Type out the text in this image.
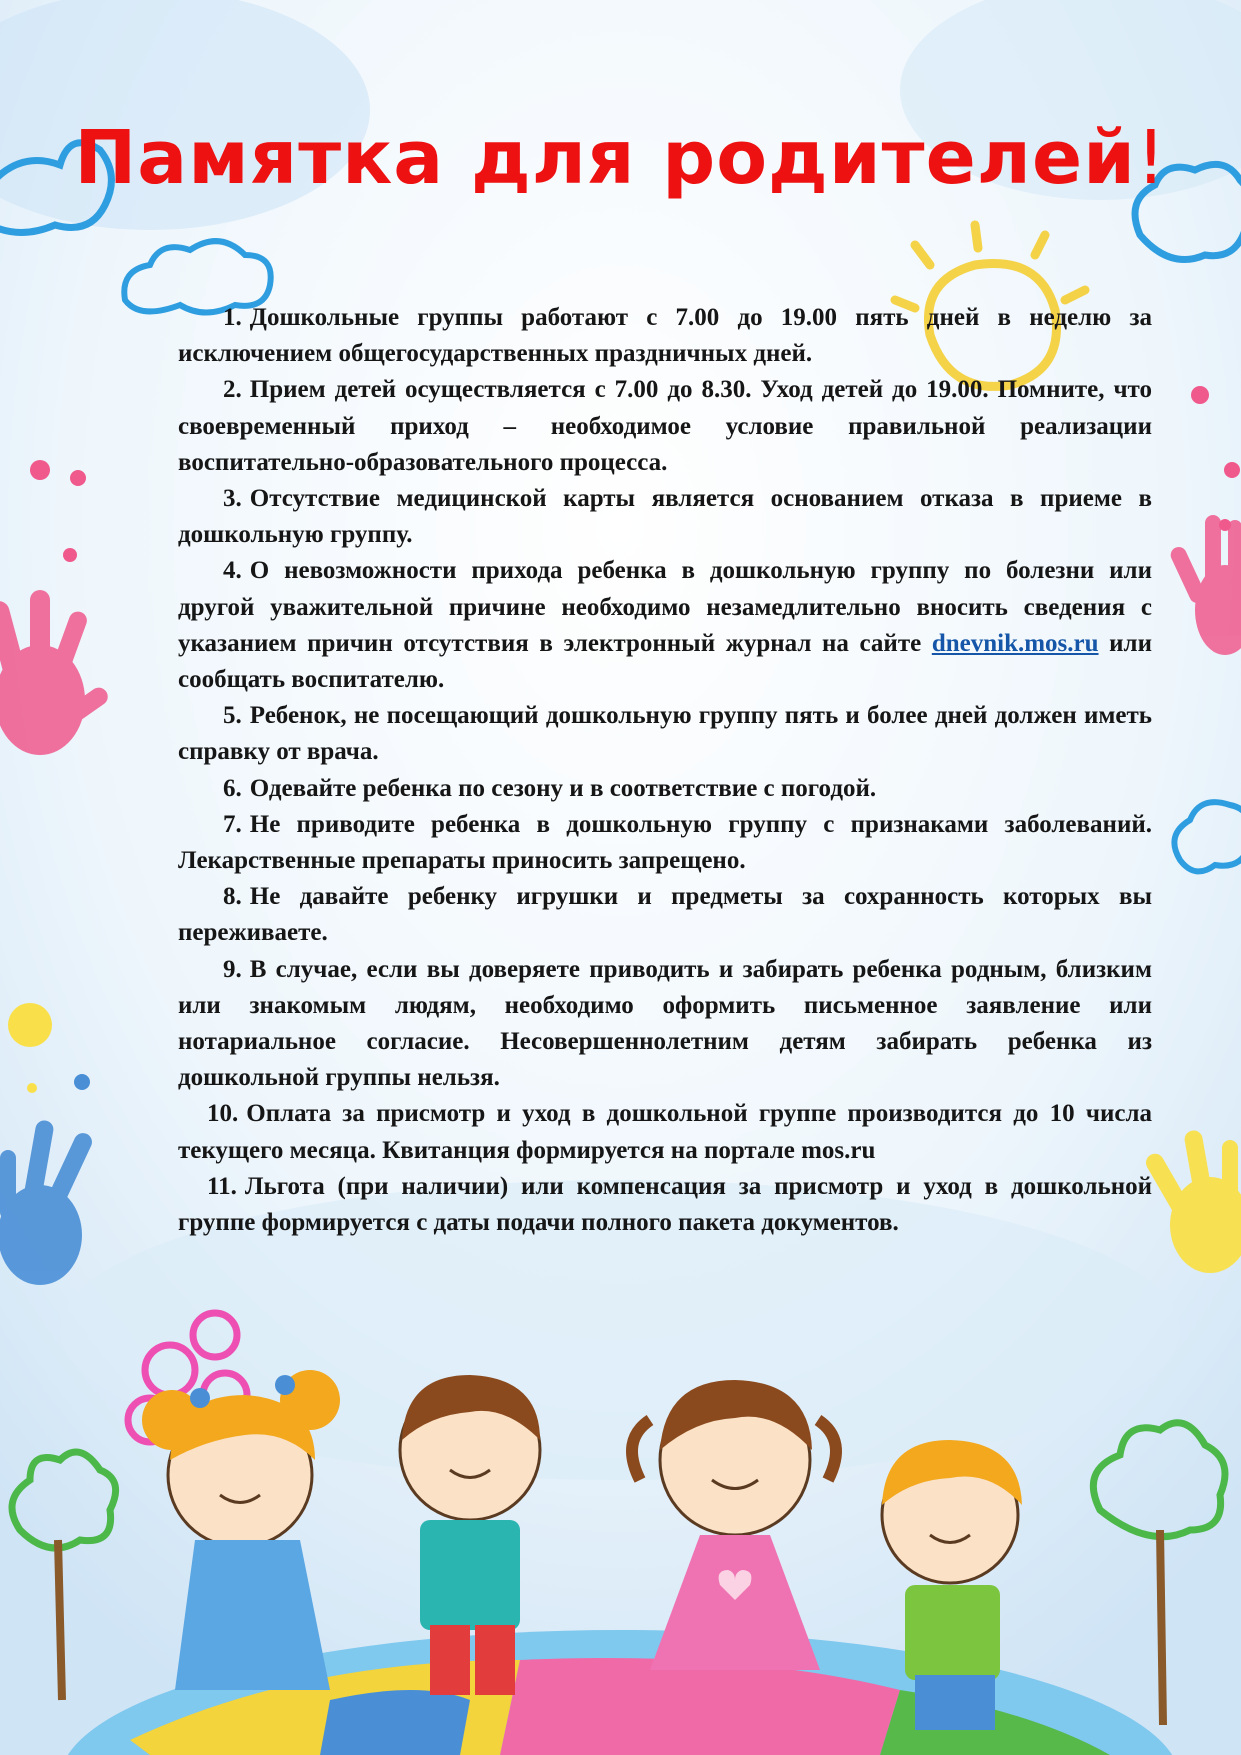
Памятка для родителей!

1. Дошкольные группы работают с 7.00 до 19.00 пять дней в неделю за исключением общегосударственных праздничных дней.

2. Прием детей осуществляется с 7.00 до 8.30. Уход детей до 19.00. Помните, что своевременный приход – необходимое условие правильной реализации воспитательно-образовательного процесса.

3. Отсутствие медицинской карты является основанием отказа в приеме в дошкольную группу.

4. О невозможности прихода ребенка в дошкольную группу по болезни или другой уважительной причине необходимо незамедлительно вносить сведения с указанием причин отсутствия в электронный журнал на сайте dnevnik.mos.ru или сообщать воспитателю.

5. Ребенок, не посещающий дошкольную группу пять и более дней должен иметь справку от врача.

6. Одевайте ребенка по сезону и в соответствие с погодой.

7. Не приводите ребенка в дошкольную группу с признаками заболеваний. Лекарственные препараты приносить запрещено.

8. Не давайте ребенку игрушки и предметы за сохранность которых вы переживаете.

9. В случае, если вы доверяете приводить и забирать ребенка родным, близким или знакомым людям, необходимо оформить письменное заявление или нотариальное согласие. Несовершеннолетним детям забирать ребенка из дошкольной группы нельзя.

10. Оплата за присмотр и уход в дошкольной группе производится до 10 числа текущего месяца. Квитанция формируется на портале mos.ru

11. Льгота (при наличии) или компенсация за присмотр и уход в дошкольной группе формируется с даты подачи полного пакета документов.
